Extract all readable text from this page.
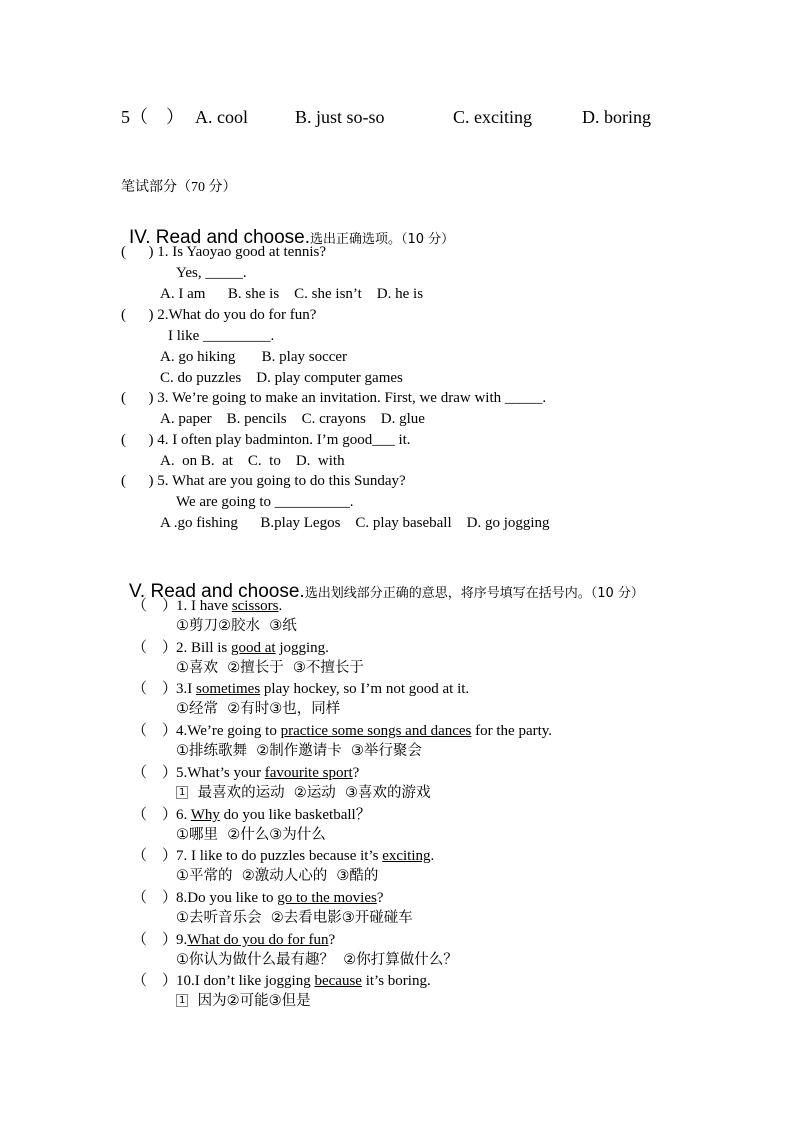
5（　） A. cool	B. just so-so	C. exciting	D. boring
笔试部分（70 分）

IV. Read and choose.选出正确选项。（10 分）

(      ) 1. Is Yaoyao good at tennis?
Yes, _____.
A. I am      B. she is    C. she isn’t    D. he is
(      ) 2.What do you do for fun?
I like _________.
A. go hiking       B. play soccer
C. do puzzles    D. play computer games
(      ) 3. We’re going to make an invitation. First, we draw with _____.
A. paper    B. pencils    C. crayons    D. glue
(      ) 4. I often play badminton. I’m good___ it.
A.  on B.  at    C.  to    D.  with
(      ) 5. What are you going to do this Sunday?
We are going to __________.
A .go fishing      B.play Legos    C. play baseball    D. go jogging

V. Read and choose.选出划线部分正确的意思，将序号填写在括号内。（10 分）

（    ）
1. I have scissors.
①剪刀②胶水  ③纸
（    ）
2. Bill is good at jogging.
①喜欢  ②擅长于  ③不擅长于
（    ）
3.I sometimes play hockey, so I’m not good at it.
①经常  ②有时③也，同样
（    ）
4.We’re going to practice some songs and dances for the party.
①排练歌舞  ②制作邀请卡  ③举行聚会
（    ）
5.What’s your favourite sport?
1  最喜欢的运动  ②运动  ③喜欢的游戏
（    ）
6. Why do you like basketball？
①哪里  ②什么③为什么
（    ）
7. I like to do puzzles because it’s exciting.
①平常的  ②激动人心的  ③酷的
（    ）
8.Do you like to go to the movies?
①去听音乐会  ②去看电影③开碰碰车
（    ）
9.What do you do for fun?
①你认为做什么最有趣？  ②你打算做什么？
（    ）
10.I don’t like jogging because it’s boring.
1  因为②可能③但是
